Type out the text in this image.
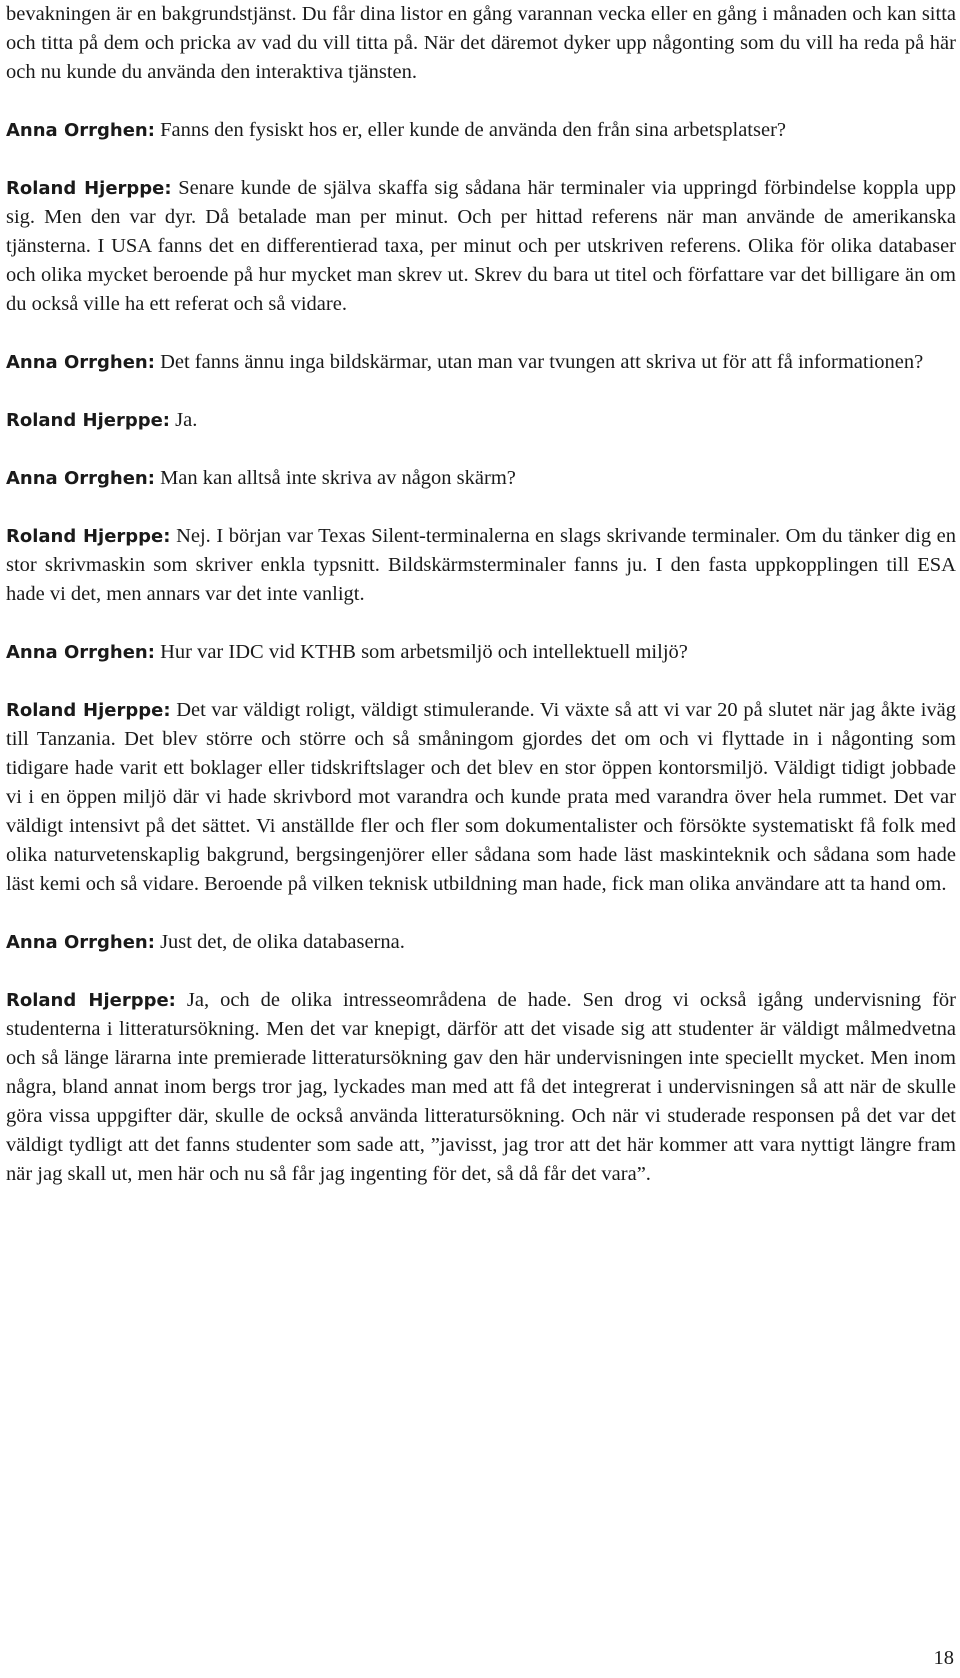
bevakningen är en bakgrundstjänst. Du får dina listor en gång varannan vecka eller en gång i månaden och kan sitta och titta på dem och pricka av vad du vill titta på. När det däremot dyker upp någonting som du vill ha reda på här och nu kunde du använda den interaktiva tjänsten.

Anna Orrghen: Fanns den fysiskt hos er, eller kunde de använda den från sina arbetsplatser?

Roland Hjerppe: Senare kunde de själva skaffa sig sådana här terminaler via uppringd förbindelse koppla upp sig. Men den var dyr. Då betalade man per minut. Och per hittad referens när man använde de amerikanska tjänsterna. I USA fanns det en differentierad taxa, per minut och per utskriven referens. Olika för olika databaser och olika mycket beroende på hur mycket man skrev ut. Skrev du bara ut titel och författare var det billigare än om du också ville ha ett referat och så vidare.

Anna Orrghen: Det fanns ännu inga bildskärmar, utan man var tvungen att skriva ut för att få informationen?

Roland Hjerppe: Ja.

Anna Orrghen: Man kan alltså inte skriva av någon skärm?

Roland Hjerppe: Nej. I början var Texas Silent-terminalerna en slags skrivande terminaler. Om du tänker dig en stor skrivmaskin som skriver enkla typsnitt. Bildskärmsterminaler fanns ju. I den fasta uppkopplingen till ESA hade vi det, men annars var det inte vanligt.

Anna Orrghen: Hur var IDC vid KTHB som arbetsmiljö och intellektuell miljö?

Roland Hjerppe: Det var väldigt roligt, väldigt stimulerande. Vi växte så att vi var 20 på slutet när jag åkte iväg till Tanzania. Det blev större och större och så småningom gjordes det om och vi flyttade in i någonting som tidigare hade varit ett boklager eller tidskriftslager och det blev en stor öppen kontorsmiljö. Väldigt tidigt jobbade vi i en öppen miljö där vi hade skrivbord mot varandra och kunde prata med varandra över hela rummet. Det var väldigt intensivt på det sättet. Vi anställde fler och fler som dokumentalister och försökte systematiskt få folk med olika naturvetenskaplig bakgrund, bergsingenjörer eller sådana som hade läst maskinteknik och sådana som hade läst kemi och så vidare. Beroende på vilken teknisk utbildning man hade, fick man olika användare att ta hand om.

Anna Orrghen: Just det, de olika databaserna.

Roland Hjerppe: Ja, och de olika intresseområdena de hade. Sen drog vi också igång undervisning för studenterna i litteratursökning. Men det var knepigt, därför att det visade sig att studenter är väldigt målmedvetna och så länge lärarna inte premierade litteratursökning gav den här undervisningen inte speciellt mycket. Men inom några, bland annat inom bergs tror jag, lyckades man med att få det integrerat i undervisningen så att när de skulle göra vissa uppgifter där, skulle de också använda litteratursökning. Och när vi studerade responsen på det var det väldigt tydligt att det fanns studenter som sade att, ”javisst, jag tror att det här kommer att vara nyttigt längre fram när jag skall ut, men här och nu så får jag ingenting för det, så då får det vara”.

18
